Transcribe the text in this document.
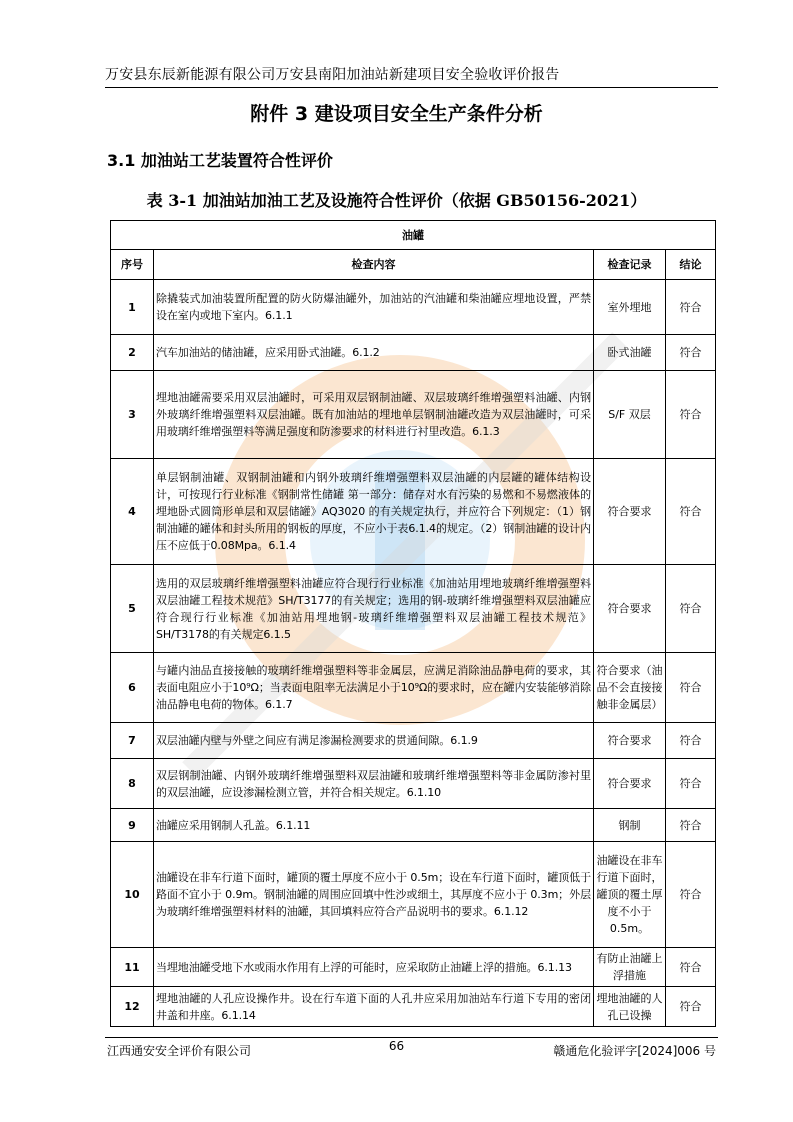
万安县东辰新能源有限公司万安县南阳加油站新建项目安全验收评价报告
附件 3 建设项目安全生产条件分析
3.1 加油站工艺装置符合性评价
表 3-1 加油站加油工艺及设施符合性评价（依据 GB50156-2021）
油罐			
序号	检查内容	检查记录	结论
1	除撬装式加油装置所配置的防火防爆油罐外，加油站的汽油罐和柴油罐应埋地设置，严禁设在室内或地下室内。6.1.1	室外埋地	符合
2	汽车加油站的储油罐，应采用卧式油罐。6.1.2	卧式油罐	符合
3	埋地油罐需要采用双层油罐时，可采用双层钢制油罐、双层玻璃纤维增强塑料油罐、内钢外玻璃纤维增强塑料双层油罐。既有加油站的埋地单层钢制油罐改造为双层油罐时，可采用玻璃纤维增强塑料等满足强度和防渗要求的材料进行衬里改造。6.1.3	S/F 双层	符合
4	单层钢制油罐、双钢制油罐和内钢外玻璃纤维增强塑料双层油罐的内层罐的罐体结构设计，可按现行行业标准《钢制常性储罐 第一部分：储存对水有污染的易燃和不易燃液体的埋地卧式圆筒形单层和双层储罐》AQ3020 的有关规定执行，并应符合下列规定：（1）钢制油罐的罐体和封头所用的钢板的厚度，不应小于表6.1.4的规定。（2）钢制油罐的设计内压不应低于0.08Mpa。6.1.4	符合要求	符合
5	选用的双层玻璃纤维增强塑料油罐应符合现行行业标准《加油站用埋地玻璃纤维增强塑料双层油罐工程技术规范》SH/T3177的有关规定；选用的钢-玻璃纤维增强塑料双层油罐应符合现行行业标准《加油站用埋地钢-玻璃纤维增强塑料双层油罐工程技术规范》SH/T3178的有关规定6.1.5	符合要求	符合
6	与罐内油品直接接触的玻璃纤维增强塑料等非金属层，应满足消除油品静电荷的要求，其表面电阻应小于10⁹Ω；当表面电阻率无法满足小于10⁹Ω的要求时，应在罐内安装能够消除油品静电电荷的物体。6.1.7	符合要求（油品不会直接接触非金属层）	符合
7	双层油罐内壁与外壁之间应有满足渗漏检测要求的贯通间隙。6.1.9	符合要求	符合
8	双层钢制油罐、内钢外玻璃纤维增强塑料双层油罐和玻璃纤维增强塑料等非金属防渗衬里的双层油罐，应设渗漏检测立管，并符合相关规定。6.1.10	符合要求	符合
9	油罐应采用钢制人孔盖。6.1.11	钢制	符合
10	油罐设在非车行道下面时，罐顶的覆土厚度不应小于 0.5m；设在车行道下面时，罐顶低于路面不宜小于 0.9m。钢制油罐的周围应回填中性沙或细土，其厚度不应小于 0.3m；外层为玻璃纤维增强塑料材料的油罐，其回填料应符合产品说明书的要求。6.1.12	油罐设在非车行道下面时，罐顶的覆土厚度不小于 0.5m。	符合
11	当埋地油罐受地下水或雨水作用有上浮的可能时，应采取防止油罐上浮的措施。6.1.13	有防止油罐上浮措施	符合
12	埋地油罐的人孔应设操作井。设在行车道下面的人孔井应采用加油站车行道下专用的密闭井盖和井座。6.1.14	埋地油罐的人孔已设操	符合
江西通安安全评价有限公司	66	赣通危化验评字[2024]006 号
